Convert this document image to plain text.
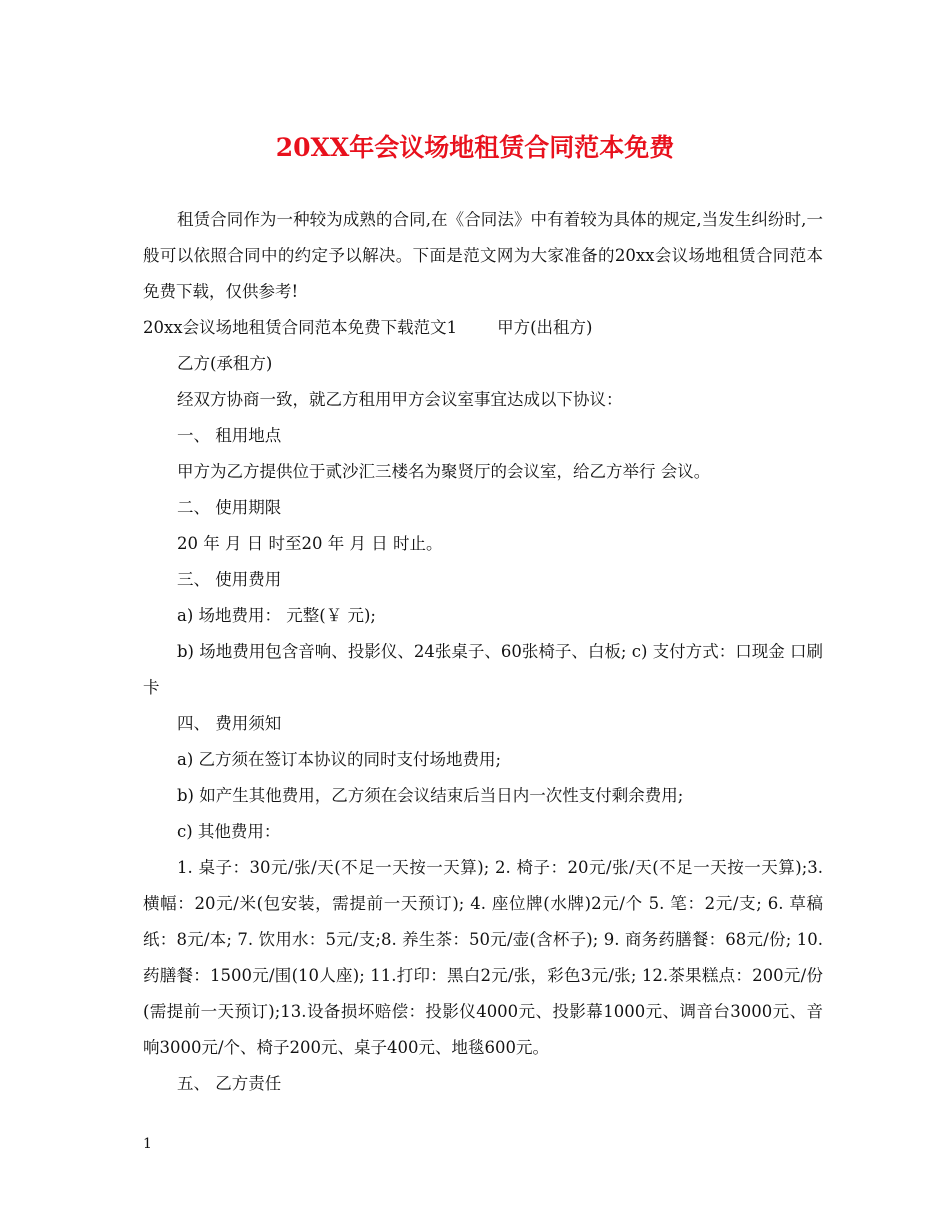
20XX年会议场地租赁合同范本免费

租赁合同作为一种较为成熟的合同,在《合同法》中有着较为具体的规定,当发生纠纷时,一般可以依照合同中的约定予以解决。下面是范文网为大家准备的20xx会议场地租赁合同范本免费下载，仅供参考!

20xx会议场地租赁合同范本免费下载范文1 甲方(出租方)

乙方(承租方)

经双方协商一致，就乙方租用甲方会议室事宜达成以下协议：

一、 租用地点

甲方为乙方提供位于贰沙汇三楼名为聚贤厅的会议室，给乙方举行 会议。

二、 使用期限

20 年 月 日 时至20 年 月 日 时止。

三、 使用费用

a) 场地费用： 元整(￥ 元);

b) 场地费用包含音响、投影仪、24张桌子、60张椅子、白板; c) 支付方式：口现金 口刷卡

四、 费用须知

a) 乙方须在签订本协议的同时支付场地费用;

b) 如产生其他费用，乙方须在会议结束后当日内一次性支付剩余费用;

c) 其他费用：

1. 桌子：30元/张/天(不足一天按一天算); 2. 椅子：20元/张/天(不足一天按一天算);3. 横幅：20元/米(包安装，需提前一天预订); 4. 座位牌(水牌)2元/个 5. 笔：2元/支; 6. 草稿纸：8元/本; 7. 饮用水：5元/支;8. 养生茶：50元/壶(含杯子); 9. 商务药膳餐：68元/份; 10.药膳餐：1500元/围(10人座); 11.打印：黑白2元/张，彩色3元/张; 12.茶果糕点：200元/份(需提前一天预订);13.设备损坏赔偿：投影仪4000元、投影幕1000元、调音台3000元、音响3000元/个、椅子200元、桌子400元、地毯600元。

五、 乙方责任

1
